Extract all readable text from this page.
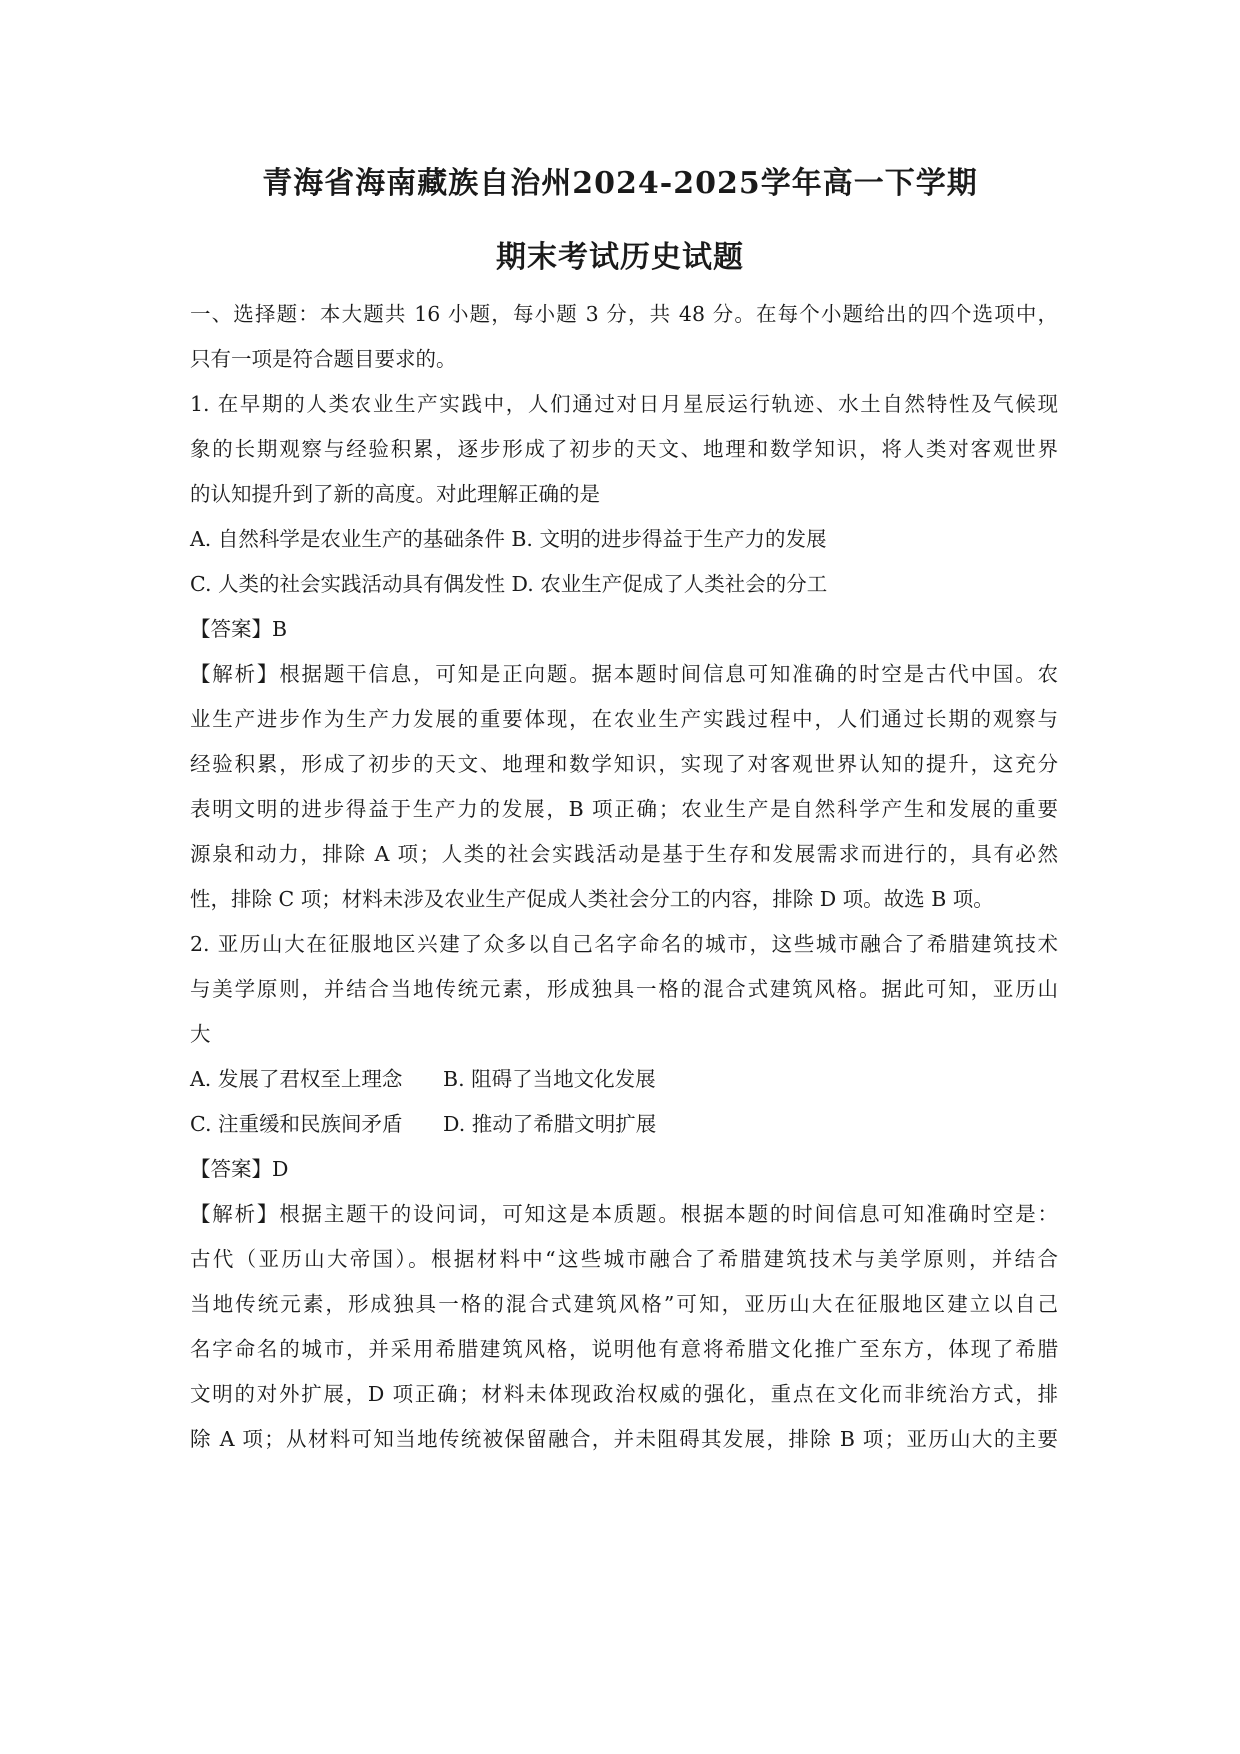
青海省海南藏族自治州2024-2025学年高一下学期
期末考试历史试题
一、选择题：本大题共 16 小题，每小题 3 分，共 48 分。在每个小题给出的四个选项中，
只有一项是符合题目要求的。
1. 在早期的人类农业生产实践中，人们通过对日月星辰运行轨迹、水土自然特性及气候现
象的长期观察与经验积累，逐步形成了初步的天文、地理和数学知识，将人类对客观世界
的认知提升到了新的高度。对此理解正确的是
A. 自然科学是农业生产的基础条件 B. 文明的进步得益于生产力的发展
C. 人类的社会实践活动具有偶发性 D. 农业生产促成了人类社会的分工
【答案】B
【解析】根据题干信息，可知是正向题。据本题时间信息可知准确的时空是古代中国。农
业生产进步作为生产力发展的重要体现，在农业生产实践过程中，人们通过长期的观察与
经验积累，形成了初步的天文、地理和数学知识，实现了对客观世界认知的提升，这充分
表明文明的进步得益于生产力的发展，B 项正确；农业生产是自然科学产生和发展的重要
源泉和动力，排除 A 项；人类的社会实践活动是基于生存和发展需求而进行的，具有必然
性，排除 C 项；材料未涉及农业生产促成人类社会分工的内容，排除 D 项。故选 B 项。
2. 亚历山大在征服地区兴建了众多以自己名字命名的城市，这些城市融合了希腊建筑技术
与美学原则，并结合当地传统元素，形成独具一格的混合式建筑风格。据此可知，亚历山
大
A. 发展了君权至上理念 B. 阻碍了当地文化发展
C. 注重缓和民族间矛盾 D. 推动了希腊文明扩展
【答案】D
【解析】根据主题干的设问词，可知这是本质题。根据本题的时间信息可知准确时空是：
古代（亚历山大帝国）。根据材料中“这些城市融合了希腊建筑技术与美学原则，并结合
当地传统元素，形成独具一格的混合式建筑风格”可知，亚历山大在征服地区建立以自己
名字命名的城市，并采用希腊建筑风格，说明他有意将希腊文化推广至东方，体现了希腊
文明的对外扩展，D 项正确；材料未体现政治权威的强化，重点在文化而非统治方式，排
除 A 项；从材料可知当地传统被保留融合，并未阻碍其发展，排除 B 项；亚历山大的主要
